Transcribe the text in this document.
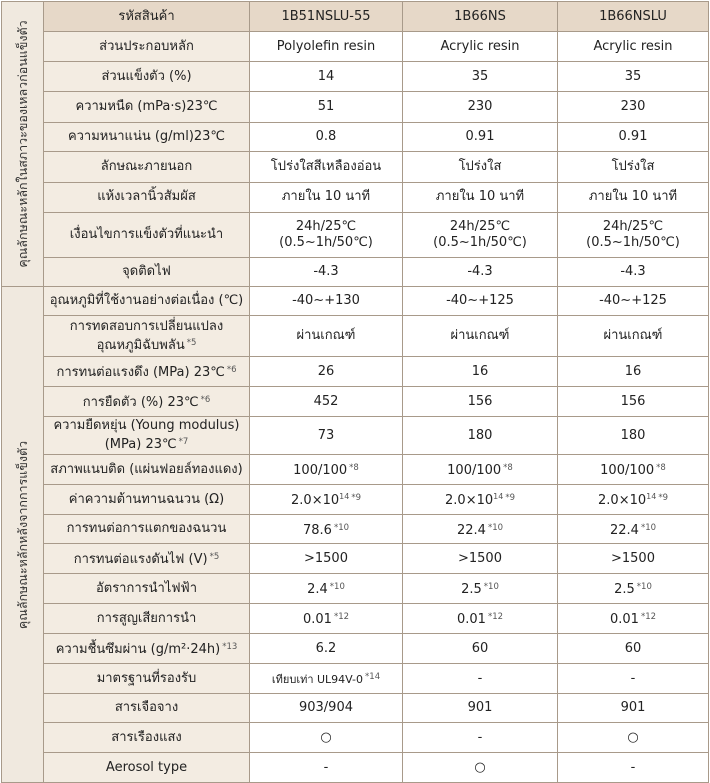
คุณลักษณะหลักในสภาวะของเหลวก่อนแข็งตัว	รหัสสินค้า	1B51NSLU-55	1B66NS	1B66NSLU
	ส่วนประกอบหลัก	Polyolefin resin	Acrylic resin	Acrylic resin
	ส่วนแข็งตัว (%)	14	35	35
	ความหนืด (mPa·s)23℃	51	230	230
	ความหนาแน่น (g/ml)23℃	0.8	0.91	0.91
	ลักษณะภายนอก	โปร่งใสสีเหลืองอ่อน	โปร่งใส	โปร่งใส
	แห้งเวลานิ้วสัมผัส	ภายใน 10 นาที	ภายใน 10 นาที	ภายใน 10 นาที
	เงื่อนไขการแข็งตัวที่แนะนำ	24h/25℃
(0.5~1h/50℃)	24h/25℃
(0.5~1h/50℃)	24h/25℃
(0.5~1h/50℃)
	จุดติดไฟ	-4.3	-4.3	-4.3

คุณลักษณะหลักหลังจากการแข็งตัว	อุณหภูมิที่ใช้งานอย่างต่อเนื่อง (℃)	-40~+130	-40~+125	-40~+125
	การทดสอบการเปลี่ยนแปลง
อุณหภูมิฉับพลัน $^{*5}$	ผ่านเกณฑ์	ผ่านเกณฑ์	ผ่านเกณฑ์
	การทนต่อแรงดึง (MPa) 23℃ $^{*6}$	26	16	16
	การยืดตัว (%) 23℃ $^{*6}$	452	156	156
	ความยืดหยุ่น (Young modulus)
(MPa) 23℃ $^{*7}$	73	180	180
	สภาพแนบติด (แผ่นฟอยล์ทองแดง)	100/100 $^{*8}$	100/100 $^{*8}$	100/100 $^{*8}$
	ค่าความต้านทานฉนวน (Ω)	$2.0\times 10^{14}$ $^{*9}$	$2.0\times 10^{14}$ $^{*9}$	$2.0\times 10^{14}$ $^{*9}$
	การทนต่อการแตกของฉนวน	78.6 $^{*10}$	22.4 $^{*10}$	22.4 $^{*10}$
	การทนต่อแรงดันไฟ (V) $^{*5}$	>1500	>1500	>1500
	อัตราการนำไฟฟ้า	2.4 $^{*10}$	2.5 $^{*10}$	2.5 $^{*10}$
	การสูญเสียการนำ	0.01 $^{*12}$	0.01 $^{*12}$	0.01 $^{*12}$
	ความชื้นซึมผ่าน (g/m²·24h) $^{*13}$	6.2	60	60
	มาตรฐานที่รองรับ	เทียบเท่า UL94V-0 $^{*14}$	-	-
	สารเจือจาง	903/904	901	901
	สารเรืองแสง	○	-	○
	Aerosol type	-	○	-
